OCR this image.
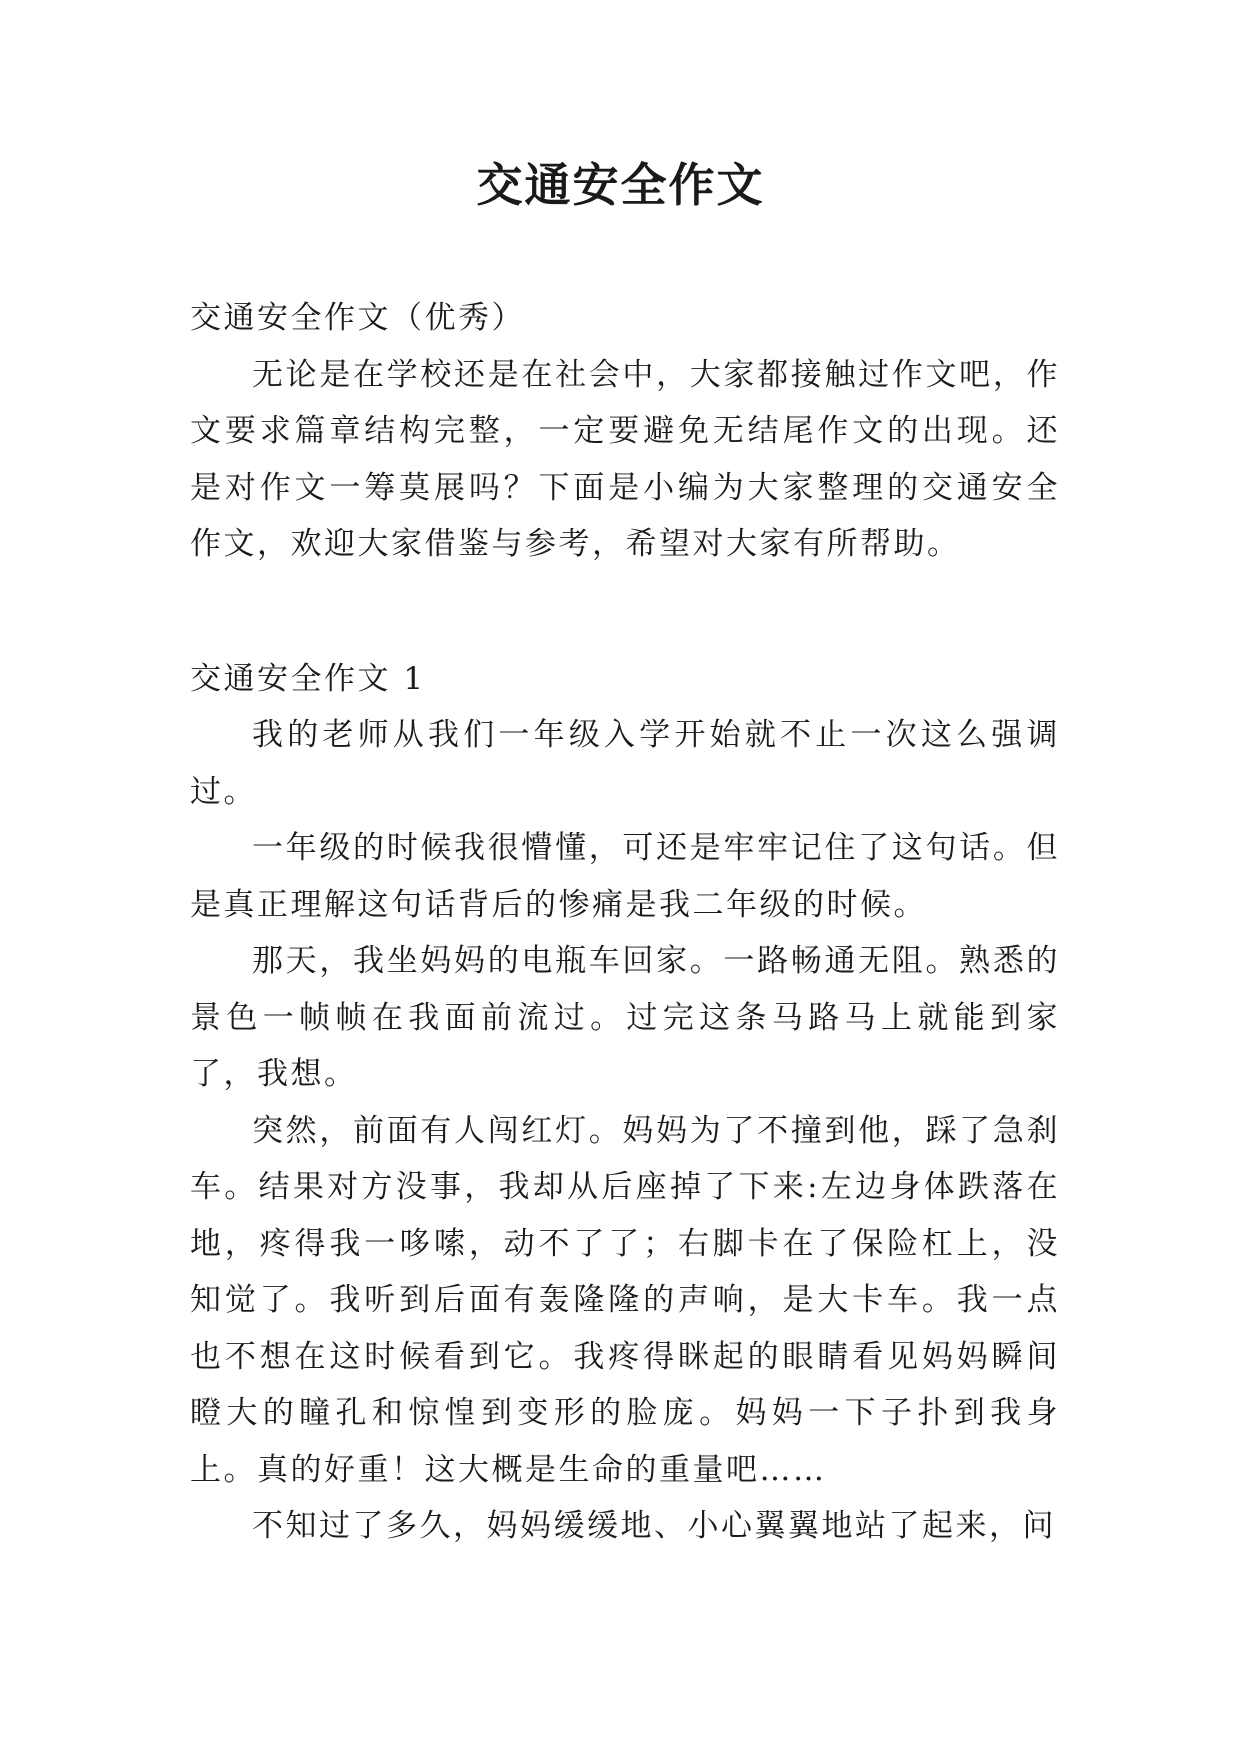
交通安全作文

交通安全作文（优秀）

无论是在学校还是在社会中，大家都接触过作文吧，作文要求篇章结构完整，一定要避免无结尾作文的出现。还是对作文一筹莫展吗？下面是小编为大家整理的交通安全作文，欢迎大家借鉴与参考，希望对大家有所帮助。

交通安全作文 1

我的老师从我们一年级入学开始就不止一次这么强调过。

一年级的时候我很懵懂，可还是牢牢记住了这句话。但是真正理解这句话背后的惨痛是我二年级的时候。

那天，我坐妈妈的电瓶车回家。一路畅通无阻。熟悉的景色一帧帧在我面前流过。过完这条马路马上就能到家了，我想。

突然，前面有人闯红灯。妈妈为了不撞到他，踩了急刹车。结果对方没事，我却从后座掉了下来:左边身体跌落在地，疼得我一哆嗦，动不了了；右脚卡在了保险杠上，没知觉了。我听到后面有轰隆隆的声响，是大卡车。我一点也不想在这时候看到它。我疼得眯起的眼睛看见妈妈瞬间瞪大的瞳孔和惊惶到变形的脸庞。妈妈一下子扑到我身上。真的好重！这大概是生命的重量吧……

不知过了多久，妈妈缓缓地、小心翼翼地站了起来，问
